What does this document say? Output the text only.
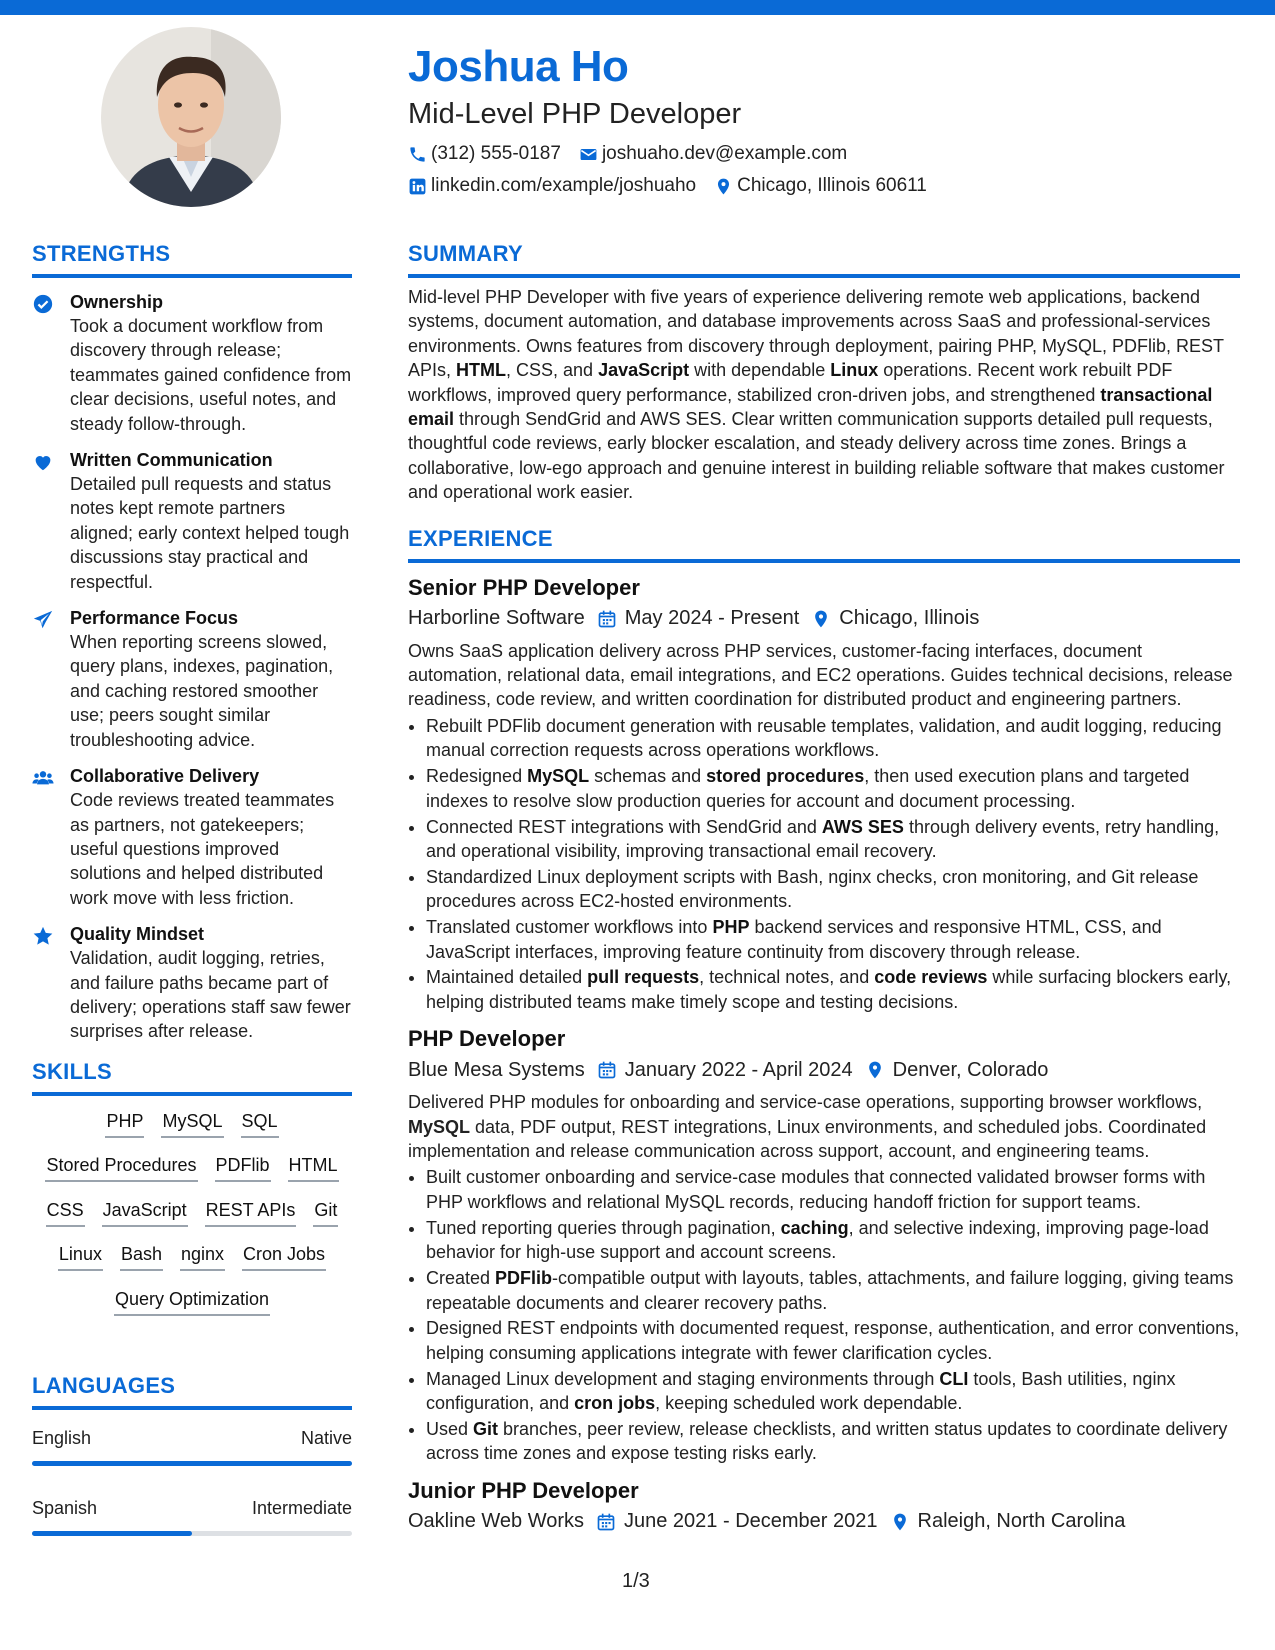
Joshua Ho
Mid-Level PHP Developer
(312) 555-0187 joshuaho.dev@example.com
linkedin.com/example/joshuaho Chicago, Illinois 60611
STRENGTHS
Ownership
Took a document workflow from discovery through release; teammates gained confidence from clear decisions, useful notes, and steady follow-through.
Written Communication
Detailed pull requests and status notes kept remote partners aligned; early context helped tough discussions stay practical and respectful.
Performance Focus
When reporting screens slowed, query plans, indexes, pagination, and caching restored smoother use; peers sought similar troubleshooting advice.
Collaborative Delivery
Code reviews treated teammates as partners, not gatekeepers; useful questions improved solutions and helped distributed work move with less friction.
Quality Mindset
Validation, audit logging, retries, and failure paths became part of delivery; operations staff saw fewer surprises after release.
SKILLS
PHP MySQL SQL
Stored Procedures PDFlib HTML
CSS JavaScript REST APIs Git
Linux Bash nginx Cron Jobs
Query Optimization
LANGUAGES
English	Native
Spanish	Intermediate
SUMMARY
Mid-level PHP Developer with five years of experience delivering remote web applications, backend systems, document automation, and database improvements across SaaS and professional-services environments. Owns features from discovery through deployment, pairing PHP, MySQL, PDFlib, REST APIs, HTML, CSS, and JavaScript with dependable Linux operations. Recent work rebuilt PDF workflows, improved query performance, stabilized cron-driven jobs, and strengthened transactional email through SendGrid and AWS SES. Clear written communication supports detailed pull requests, thoughtful code reviews, early blocker escalation, and steady delivery across time zones. Brings a collaborative, low-ego approach and genuine interest in building reliable software that makes customer and operational work easier.
EXPERIENCE
Senior PHP Developer
Harborline Software May 2024 - Present Chicago, Illinois
Owns SaaS application delivery across PHP services, customer-facing interfaces, document automation, relational data, email integrations, and EC2 operations. Guides technical decisions, release readiness, code review, and written coordination for distributed product and engineering partners.
• Rebuilt PDFlib document generation with reusable templates, validation, and audit logging, reducing manual correction requests across operations workflows.
• Redesigned MySQL schemas and stored procedures, then used execution plans and targeted indexes to resolve slow production queries for account and document processing.
• Connected REST integrations with SendGrid and AWS SES through delivery events, retry handling, and operational visibility, improving transactional email recovery.
• Standardized Linux deployment scripts with Bash, nginx checks, cron monitoring, and Git release procedures across EC2-hosted environments.
• Translated customer workflows into PHP backend services and responsive HTML, CSS, and JavaScript interfaces, improving feature continuity from discovery through release.
• Maintained detailed pull requests, technical notes, and code reviews while surfacing blockers early, helping distributed teams make timely scope and testing decisions.
PHP Developer
Blue Mesa Systems January 2022 - April 2024 Denver, Colorado
Delivered PHP modules for onboarding and service-case operations, supporting browser workflows, MySQL data, PDF output, REST integrations, Linux environments, and scheduled jobs. Coordinated implementation and release communication across support, account, and engineering teams.
• Built customer onboarding and service-case modules that connected validated browser forms with PHP workflows and relational MySQL records, reducing handoff friction for support teams.
• Tuned reporting queries through pagination, caching, and selective indexing, improving page-load behavior for high-use support and account screens.
• Created PDFlib-compatible output with layouts, tables, attachments, and failure logging, giving teams repeatable documents and clearer recovery paths.
• Designed REST endpoints with documented request, response, authentication, and error conventions, helping consuming applications integrate with fewer clarification cycles.
• Managed Linux development and staging environments through CLI tools, Bash utilities, nginx configuration, and cron jobs, keeping scheduled work dependable.
• Used Git branches, peer review, release checklists, and written status updates to coordinate delivery across time zones and expose testing risks early.
Junior PHP Developer
Oakline Web Works June 2021 - December 2021 Raleigh, North Carolina
1/3
